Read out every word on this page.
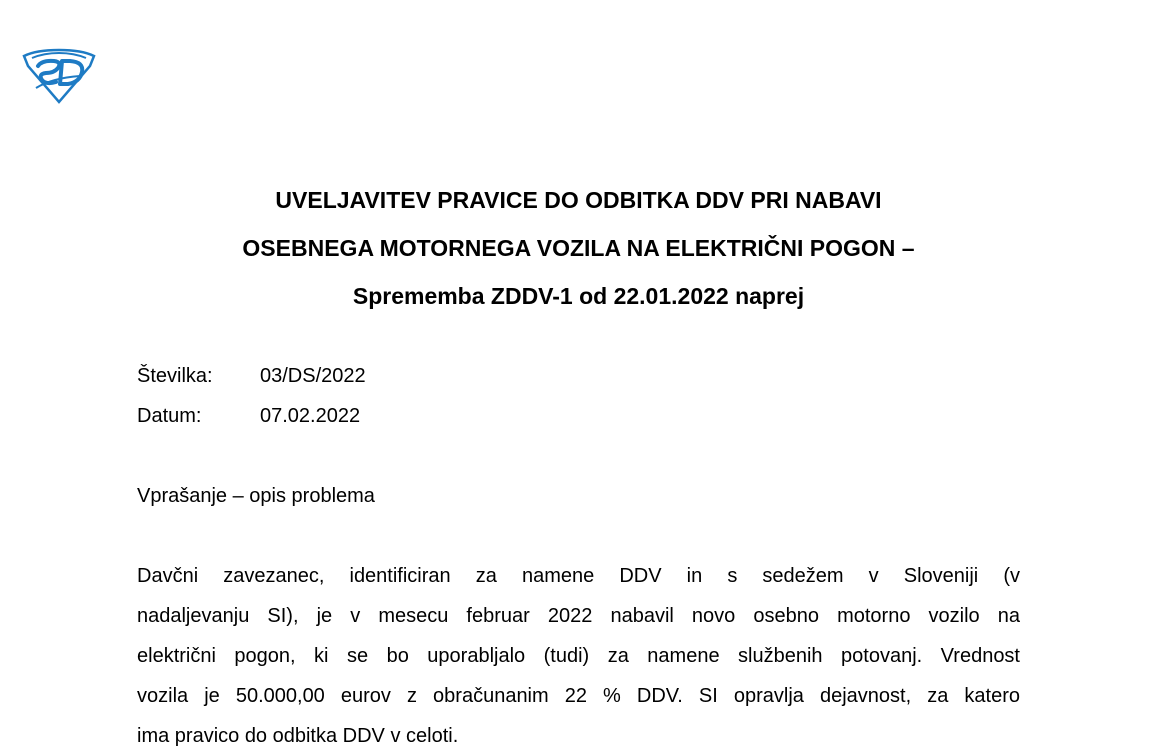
UVELJAVITEV PRAVICE DO ODBITKA DDV PRI NABAVI
OSEBNEGA MOTORNEGA VOZILA NA ELEKTRIČNI POGON –
Sprememba ZDDV-1 od 22.01.2022 naprej
Številka:	03/DS/2022
Datum:	07.02.2022
Vprašanje – opis problema

Davčni zavezanec, identificiran za namene DDV in s sedežem v Sloveniji (v
nadaljevanju SI), je v mesecu februar 2022 nabavil novo osebno motorno vozilo na
električni pogon, ki se bo uporabljalo (tudi) za namene službenih potovanj. Vrednost
vozila je 50.000,00 eurov z obračunanim 22 % DDV. SI opravlja dejavnost, za katero
ima pravico do odbitka DDV v celoti.
